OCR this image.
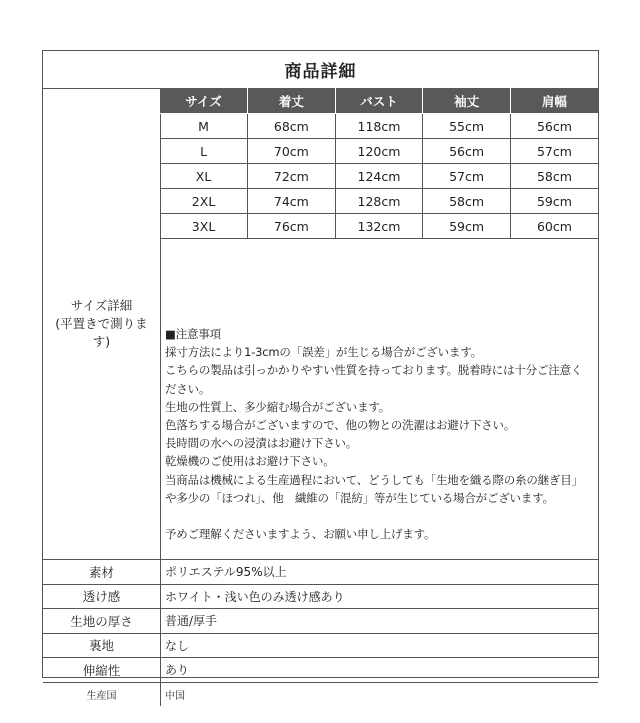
商品詳細
サイズ詳細
(平置きで測りま
す)
サイズ	着丈	バスト	袖丈	肩幅
M	68cm	118cm	55cm	56cm
L	70cm	120cm	56cm	57cm
XL	72cm	124cm	57cm	58cm
2XL	74cm	128cm	58cm	59cm
3XL	76cm	132cm	59cm	60cm

■注意事項

採寸方法により1-3cmの「誤差」が生じる場合がございます。

こちらの製品は引っかかりやすい性質を持っております。脱着時には十分ご注意く

ださい。

生地の性質上、多少縮む場合がございます。

色落ちする場合がございますので、他の物との洗濯はお避け下さい。

長時間の水への浸漬はお避け下さい。

乾燥機のご使用はお避け下さい。

当商品は機械による生産過程において、どうしても「生地を織る際の糸の継ぎ目」

や多少の「ほつれ」、他　繊維の「混紡」等が生じている場合がございます。

予めご理解くださいますよう、お願い申し上げます。

素材	ポリエステル95%以上
透け感	ホワイト・浅い色のみ透け感あり
生地の厚さ	普通/厚手
裏地	なし
伸縮性	あり
生産国	中国
